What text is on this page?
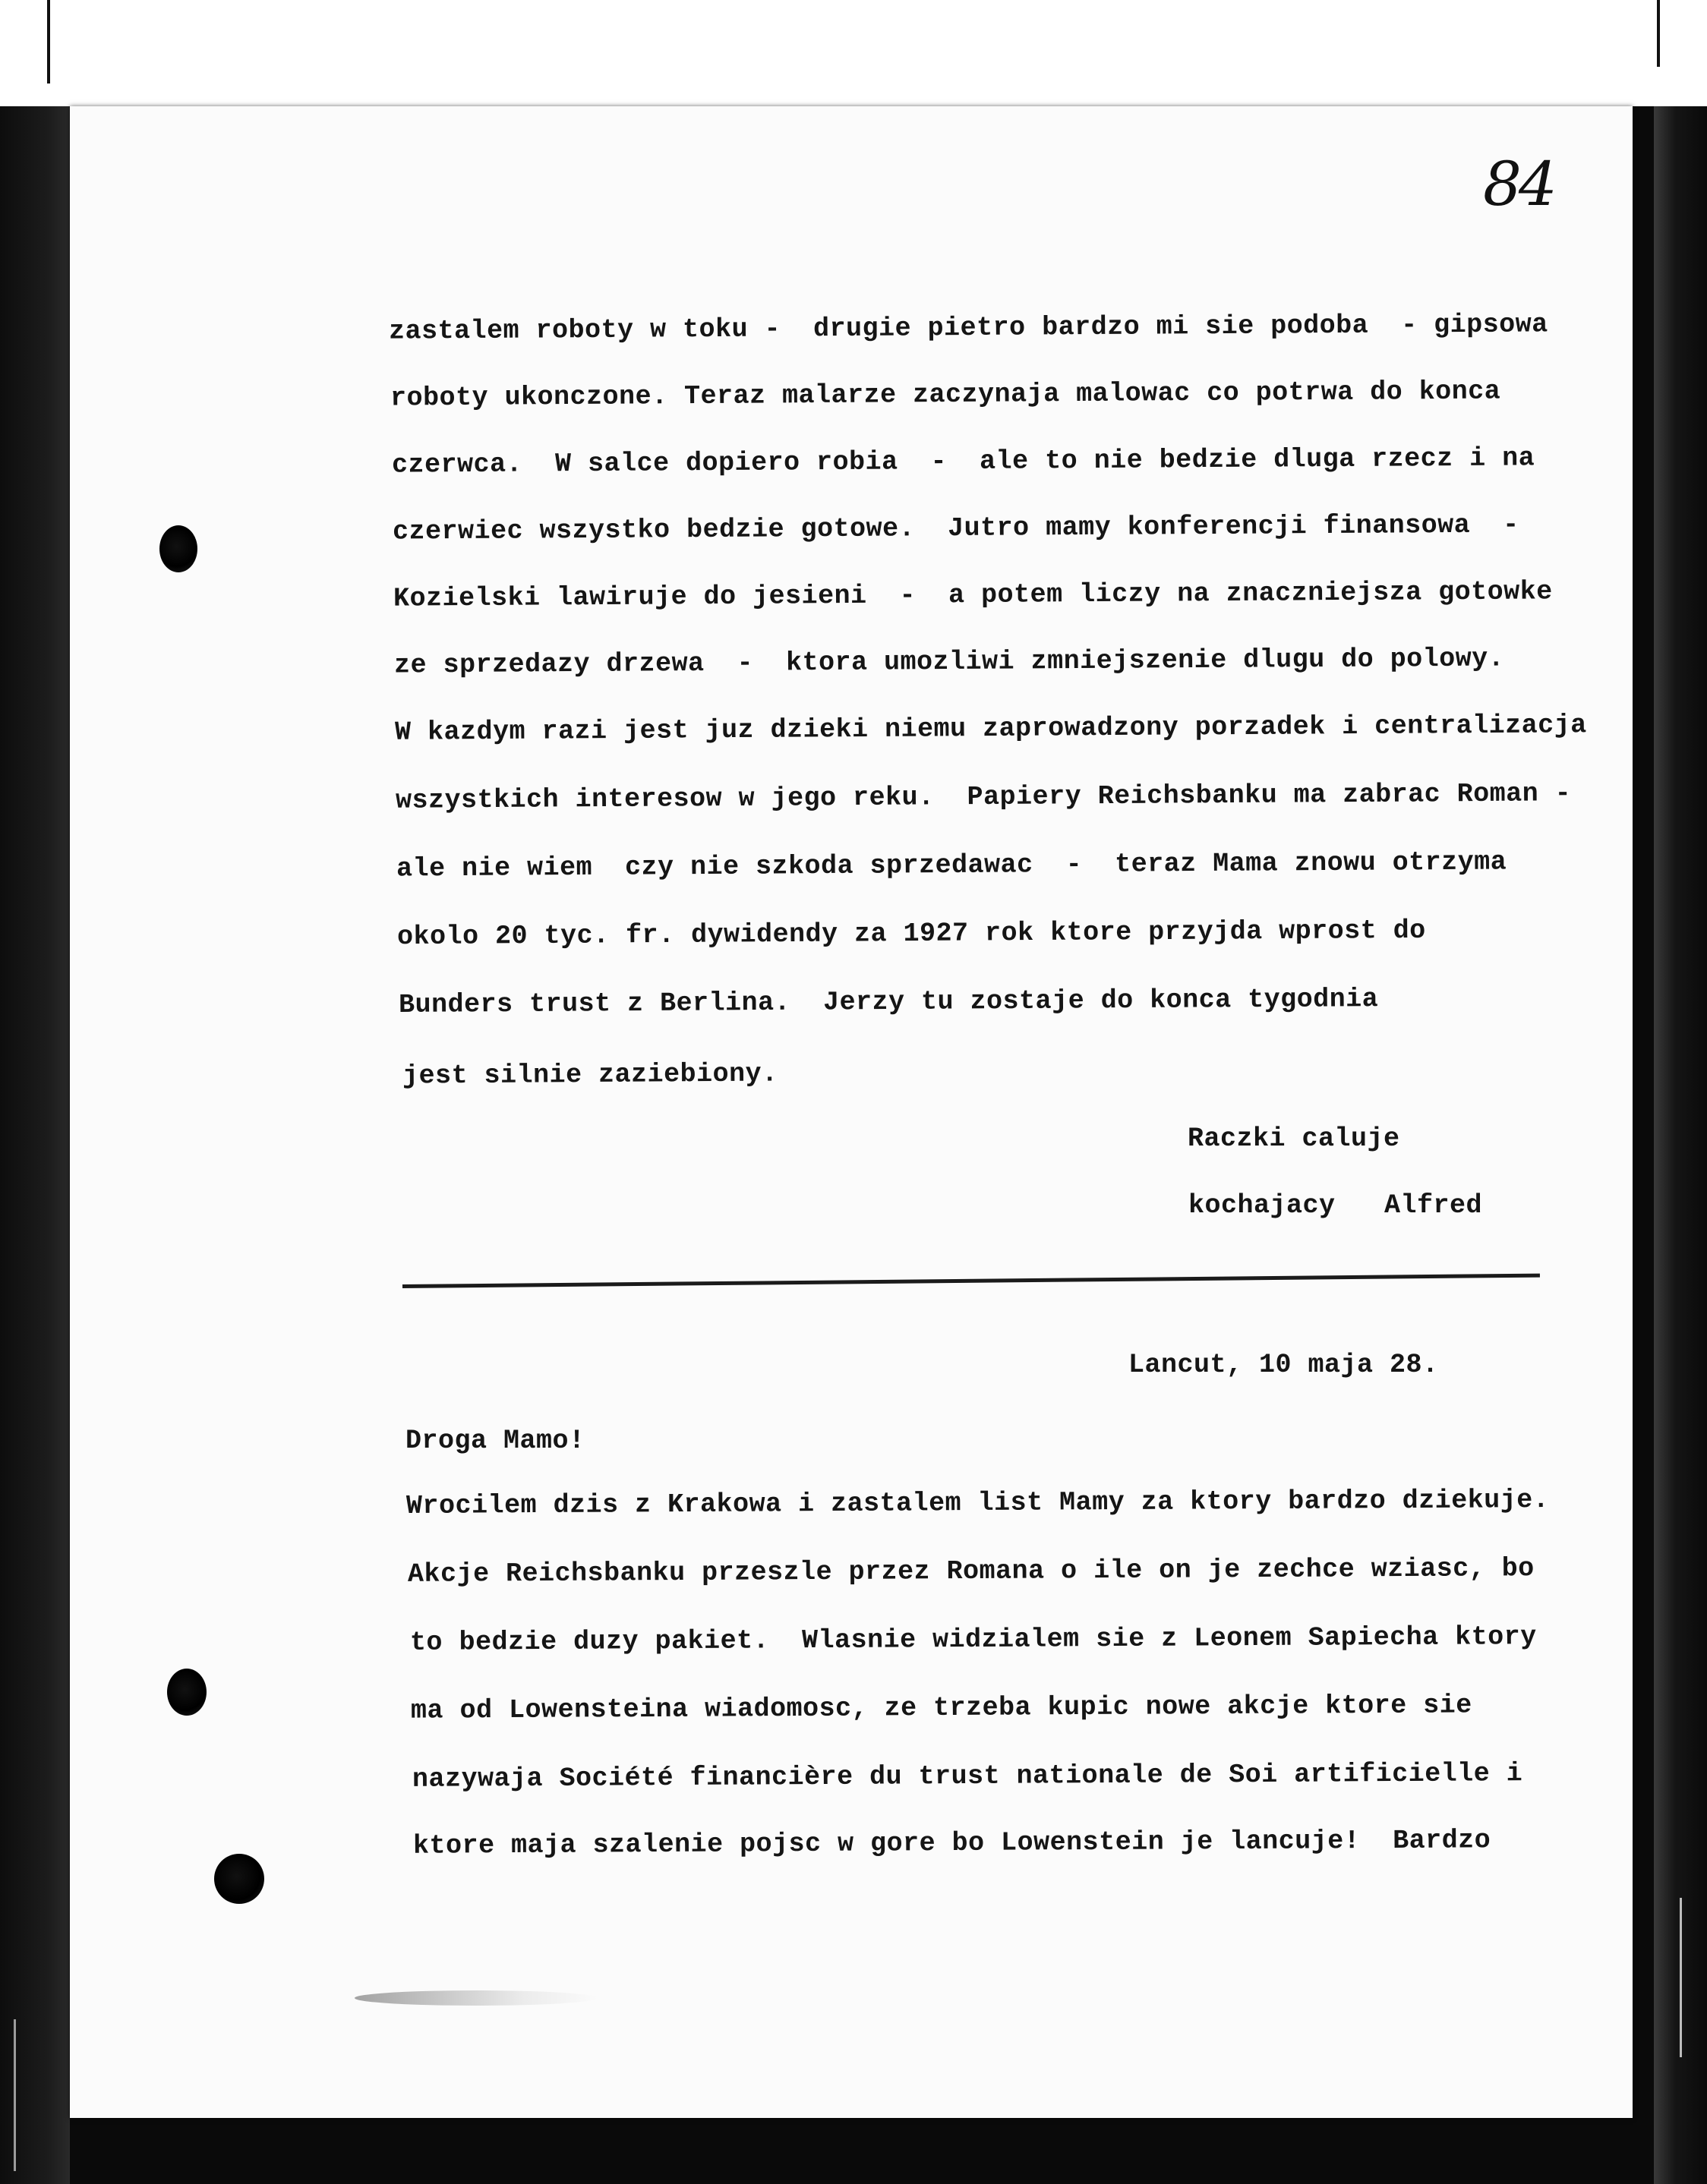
84
zastalem roboty w toku -  drugie pietro bardzo mi sie podoba  - gipsowa
roboty ukonczone. Teraz malarze zaczynaja malowac co potrwa do konca
czerwca.  W salce dopiero robia  -  ale to nie bedzie dluga rzecz i na
czerwiec wszystko bedzie gotowe.  Jutro mamy konferencji finansowa  -
Kozielski lawiruje do jesieni  -  a potem liczy na znaczniejsza gotowke
ze sprzedazy drzewa  -  ktora umozliwi zmniejszenie dlugu do polowy.
W kazdym razi jest juz dzieki niemu zaprowadzony porzadek i centralizacja
wszystkich interesow w jego reku.  Papiery Reichsbanku ma zabrac Roman -
ale nie wiem  czy nie szkoda sprzedawac  -  teraz Mama znowu otrzyma
okolo 20 tyc. fr. dywidendy za 1927 rok ktore przyjda wprost do
Bunders trust z Berlina.  Jerzy tu zostaje do konca tygodnia
jest silnie zaziebiony.
Raczki caluje
kochajacy   Alfred
Lancut, 10 maja 28.
Droga Mamo!
Wrocilem dzis z Krakowa i zastalem list Mamy za ktory bardzo dziekuje.
Akcje Reichsbanku przeszle przez Romana o ile on je zechce wziasc, bo
to bedzie duzy pakiet.  Wlasnie widzialem sie z Leonem Sapiecha ktory
ma od Lowensteina wiadomosc, ze trzeba kupic nowe akcje ktore sie
nazywaja Société financière du trust nationale de Soi artificielle i
ktore maja szalenie pojsc w gore bo Lowenstein je lancuje!  Bardzo
